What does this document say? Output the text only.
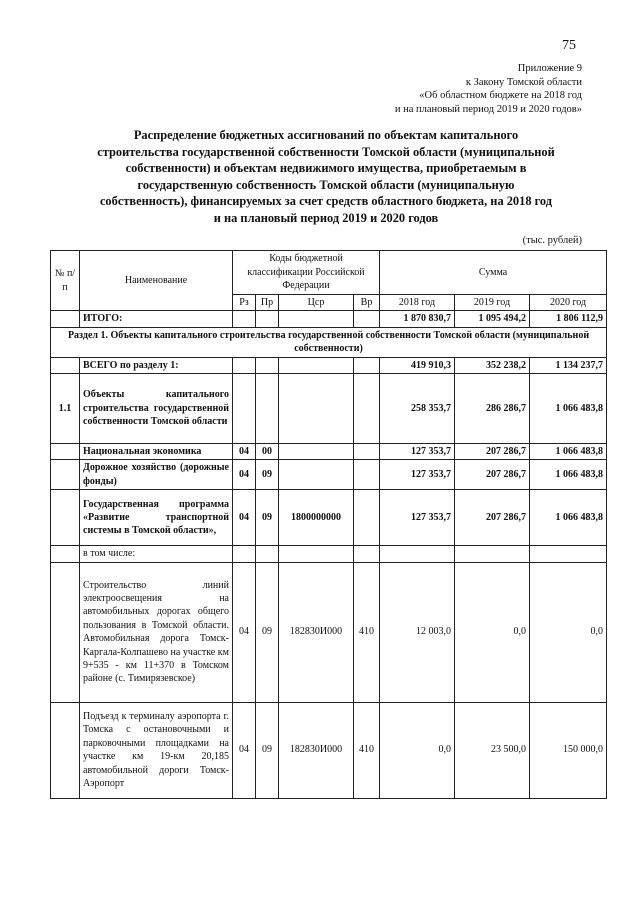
75
Приложение 9
к Закону Томской области
«Об областном бюджете на 2018 год
и на плановый период 2019 и 2020 годов»
Распределение бюджетных ассигнований по объектам капитального
строительства государственной собственности Томской области (муниципальной
собственности) и объектам недвижимого имущества, приобретаемым в
государственную собственность Томской области (муниципальную
собственность), финансируемых за счет средств областного бюджета, на 2018 год
и на плановый период 2019 и 2020 годов
(тыс. рублей)
№ п/п	Наименование	Коды бюджетной классификации Российской Федерации				Сумма		
		Рз	Пр	Цср	Вр	2018 год	2019 год	2020 год
	ИТОГО:					1 870 830,7	1 095 494,2	1 806 112,9
Раздел 1. Объекты капитального строительства государственной собственности Томской области (муниципальной собственности)								
	ВСЕГО по разделу 1:					419 910,3	352 238,2	1 134 237,7
1.1	Объекты капитального строительства государственной собственности Томской области					258 353,7	286 286,7	1 066 483,8
	Национальная экономика	04	00			127 353,7	207 286,7	1 066 483,8
	Дорожное хозяйство (дорожные фонды)	04	09			127 353,7	207 286,7	1 066 483,8
	Государственная программа «Развитие транспортной системы в Томской области»,	04	09	1800000000		127 353,7	207 286,7	1 066 483,8
	в том числе:							
	Строительство линий электроосвещения на автомобильных дорогах общего пользования в Томской области. Автомобильная дорога Томск-Каргала-Колпашево на участке км 9+535 - км 11+370 в Томском районе (с. Тимирязевское)	04	09	182830И000	410	12 003,0	0,0	0,0
	Подъезд к терминалу аэропорта г. Томска с остановочными и парковочными площадками на участке км 19-км 20,185 автомобильной дороги Томск-Аэропорт	04	09	182830И000	410	0,0	23 500,0	150 000,0
